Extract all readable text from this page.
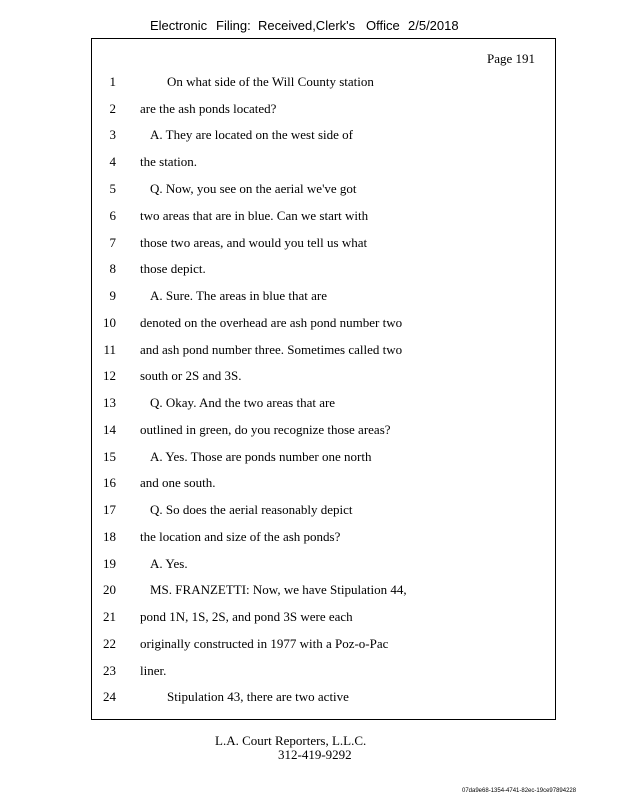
Electronic Filing: Received,Clerk's Office 2/5/2018
Page 191
1	On what side of the Will County station
2 are the ash ponds located?
3	A. They are located on the west side of
4 the station.
5	Q. Now, you see on the aerial we've got
6 two areas that are in blue. Can we start with
7 those two areas, and would you tell us what
8 those depict.
9	A. Sure. The areas in blue that are
10 denoted on the overhead are ash pond number two
11 and ash pond number three. Sometimes called two
12 south or 2S and 3S.
13	Q. Okay. And the two areas that are
14 outlined in green, do you recognize those areas?
15	A. Yes. Those are ponds number one north
16 and one south.
17	Q. So does the aerial reasonably depict
18 the location and size of the ash ponds?
19	A. Yes.
20	MS. FRANZETTI: Now, we have Stipulation 44,
21 pond 1N, 1S, 2S, and pond 3S were each
22 originally constructed in 1977 with a Poz-o-Pac
23 liner.
24	Stipulation 43, there are two active
L.A. Court Reporters, L.L.C.
312-419-9292
07da9e68-1354-4741-82ec-19ce97894228
